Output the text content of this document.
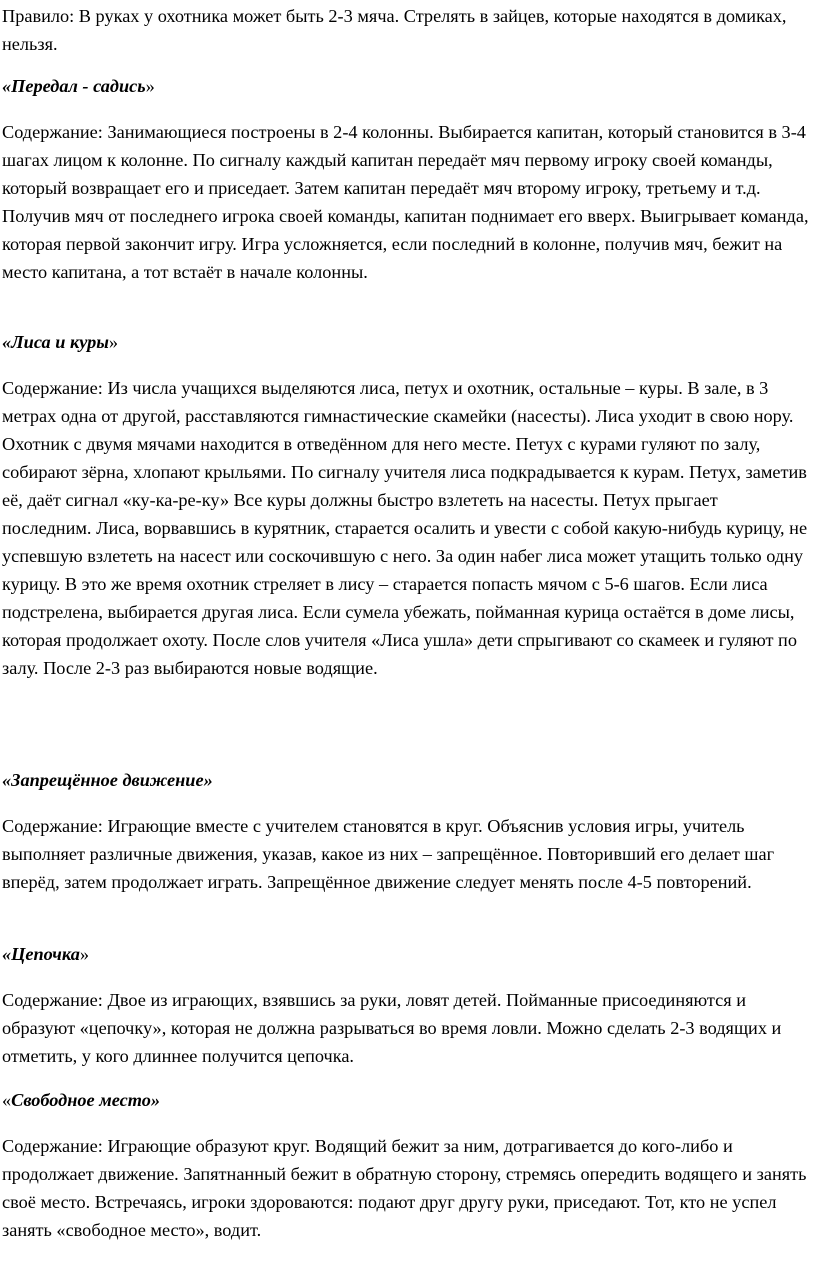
Правило: В руках у охотника может быть 2-3 мяча. Стрелять в зайцев, которые находятся в домиках, нельзя.

«Передал - садись»

Содержание: Занимающиеся построены в 2-4 колонны. Выбирается капитан, который становится в 3-4 шагах лицом к колонне. По сигналу каждый капитан передаёт мяч первому игроку своей команды, который возвращает его и приседает. Затем капитан передаёт мяч второму игроку, третьему и т.д. Получив мяч от последнего игрока своей команды, капитан поднимает его вверх. Выигрывает команда, которая первой закончит игру. Игра усложняется, если последний в колонне, получив мяч, бежит на место капитана, а тот встаёт в начале колонны.

«Лиса и куры»

Содержание: Из числа учащихся выделяются лиса, петух и охотник, остальные – куры. В зале, в 3 метрах одна от другой, расставляются гимнастические скамейки (насесты). Лиса уходит в свою нору. Охотник с двумя мячами находится в отведённом для него месте. Петух с курами гуляют по залу, собирают зёрна, хлопают крыльями. По сигналу учителя лиса подкрадывается к курам. Петух, заметив её, даёт сигнал «ку-ка-ре-ку» Все куры должны быстро взлететь на насесты. Петух прыгает последним. Лиса, ворвавшись в курятник, старается осалить и увести с собой какую-нибудь курицу, не успевшую взлететь на насест или соскочившую с него. За один набег лиса может утащить только одну курицу. В это же время охотник стреляет в лису – старается попасть мячом с 5-6 шагов. Если лиса подстрелена, выбирается другая лиса. Если сумела убежать, пойманная курица остаётся в доме лисы, которая продолжает охоту. После слов учителя «Лиса ушла» дети спрыгивают со скамеек и гуляют по залу. После 2-3 раз выбираются новые водящие.

«Запрещённое движение»

Содержание: Играющие вместе с учителем становятся в круг. Объяснив условия игры, учитель выполняет различные движения, указав, какое из них – запрещённое. Повторивший его делает шаг вперёд, затем продолжает играть. Запрещённое движение следует менять после 4-5 повторений.

«Цепочка»

Содержание: Двое из играющих, взявшись за руки, ловят детей. Пойманные присоединяются и образуют «цепочку», которая не должна разрываться во время ловли. Можно сделать 2-3 водящих и отметить, у кого длиннее получится цепочка.

«Свободное место»

Содержание: Играющие образуют круг. Водящий бежит за ним, дотрагивается до кого-либо и продолжает движение. Запятнанный бежит в обратную сторону, стремясь опередить водящего и занять своё место. Встречаясь, игроки здороваются: подают друг другу руки, приседают. Тот, кто не успел занять «свободное место», водит.
